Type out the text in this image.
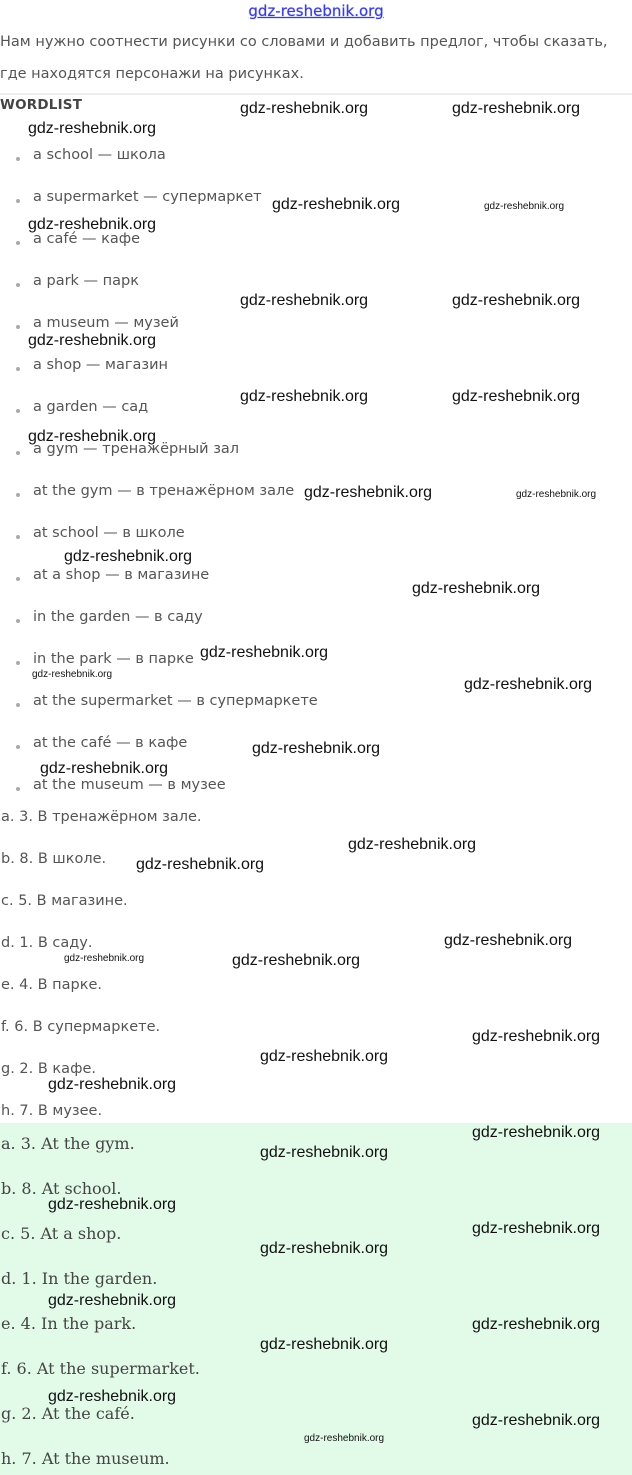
gdz-reshebnik.org
Нам нужно соотнести рисунки со словами и добавить предлог, чтобы сказать,
где находятся персонажи на рисунках.
WORDLIST
a school — школа
a supermarket — супермаркет
a café — кафе
a park — парк
a museum — музей
a shop — магазин
a garden — сад
a gym — тренажёрный зал
at the gym — в тренажёрном зале
at school — в школе
at a shop — в магазине
in the garden — в саду
in the park — в парке
at the supermarket — в супермаркете
at the café — в кафе
at the museum — в музее
a. 3. В тренажёрном зале.
b. 8. В школе.
c. 5. В магазине.
d. 1. В саду.
e. 4. В парке.
f. 6. В супермаркете.
g. 2. В кафе.
h. 7. В музее.
a. 3. At the gym.
b. 8. At school.
c. 5. At a shop.
d. 1. In the garden.
e. 4. In the park.
f. 6. At the supermarket.
g. 2. At the café.
h. 7. At the museum.
gdz-reshebnik.org	gdz-reshebnik.org
gdz-reshebnik.org
gdz-reshebnik.org	gdz-reshebnik.org
gdz-reshebnik.org
gdz-reshebnik.org	gdz-reshebnik.org
gdz-reshebnik.org
gdz-reshebnik.org	gdz-reshebnik.org
gdz-reshebnik.org
gdz-reshebnik.org	gdz-reshebnik.org
gdz-reshebnik.org
gdz-reshebnik.org
gdz-reshebnik.org
gdz-reshebnik.org
gdz-reshebnik.org
gdz-reshebnik.org
gdz-reshebnik.org
gdz-reshebnik.org
gdz-reshebnik.org
gdz-reshebnik.org
gdz-reshebnik.org	gdz-reshebnik.org
gdz-reshebnik.org
gdz-reshebnik.org
gdz-reshebnik.org
gdz-reshebnik.org
gdz-reshebnik.org
gdz-reshebnik.org
gdz-reshebnik.org
gdz-reshebnik.org
gdz-reshebnik.org
gdz-reshebnik.org
gdz-reshebnik.org
gdz-reshebnik.org
gdz-reshebnik.org
gdz-reshebnik.org
